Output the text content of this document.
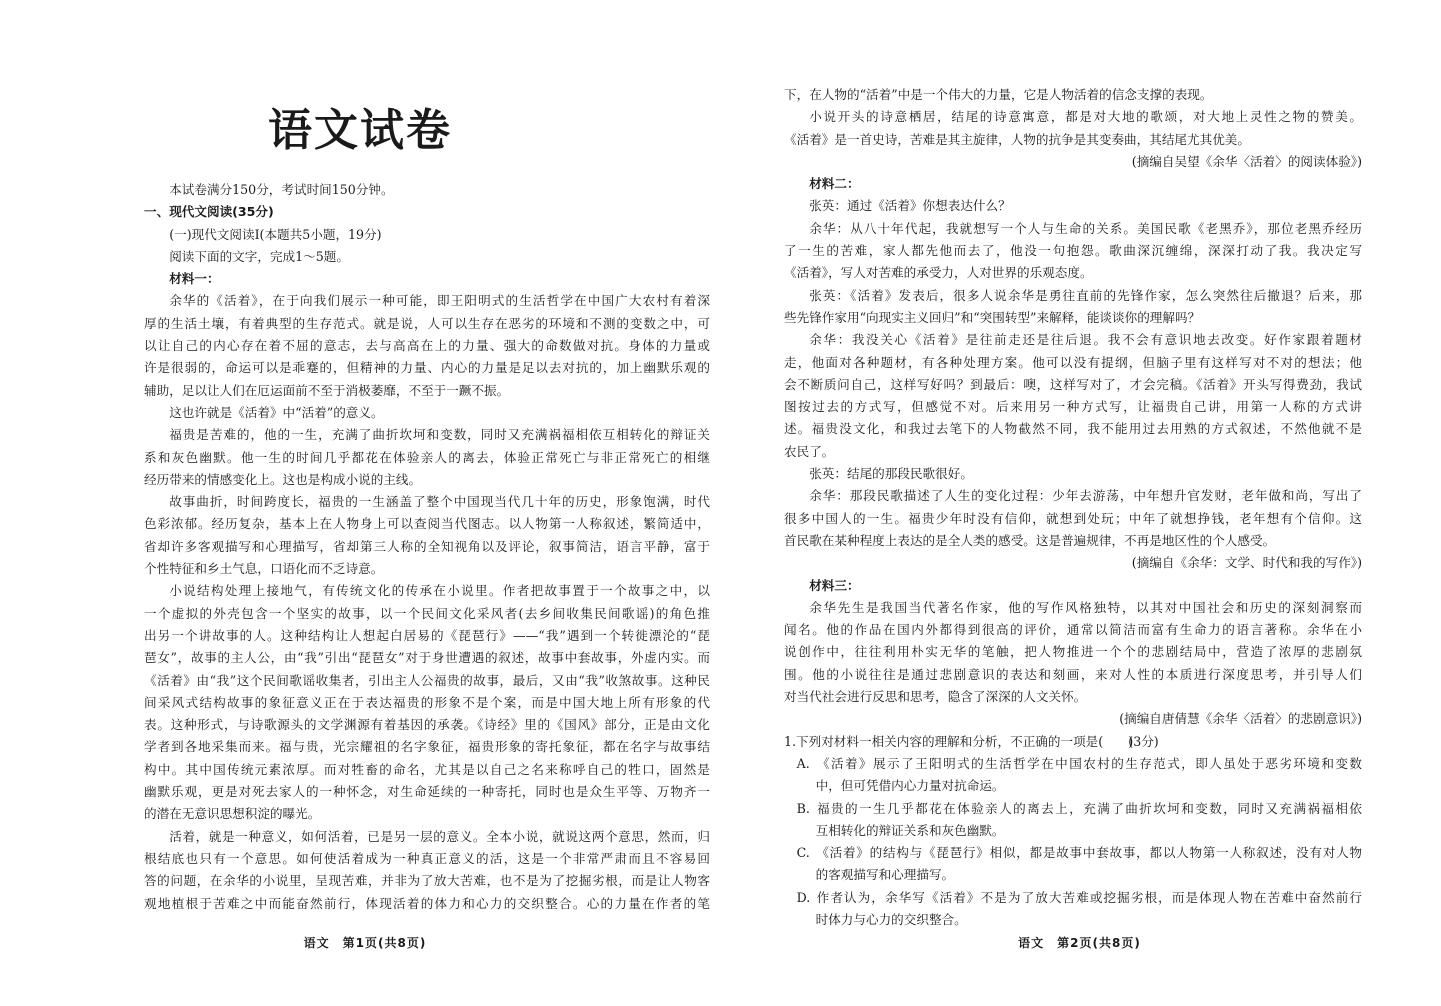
语文试卷
本试卷满分150分，考试时间150分钟。
一、现代文阅读(35分)
(一)现代文阅读Ⅰ(本题共5小题，19分)
阅读下面的文字，完成1～5题。
材料一：
余华的《活着》，在于向我们展示一种可能，即王阳明式的生活哲学在中国广大农村有着深
厚的生活土壤，有着典型的生存范式。就是说，人可以生存在恶劣的环境和不测的变数之中，可
以让自己的内心存在着不屈的意志，去与高高在上的力量、强大的命数做对抗。身体的力量或
许是很弱的，命运可以是乖蹇的，但精神的力量、内心的力量是足以去对抗的，加上幽默乐观的
辅助，足以让人们在厄运面前不至于消极萎靡，不至于一蹶不振。
这也许就是《活着》中“活着”的意义。
福贵是苦难的，他的一生，充满了曲折坎坷和变数，同时又充满祸福相依互相转化的辩证关
系和灰色幽默。他一生的时间几乎都花在体验亲人的离去，体验正常死亡与非正常死亡的相继
经历带来的情感变化上。这也是构成小说的主线。
故事曲折，时间跨度长，福贵的一生涵盖了整个中国现当代几十年的历史，形象饱满，时代
色彩浓郁。经历复杂，基本上在人物身上可以查阅当代图志。以人物第一人称叙述，繁简适中，
省却许多客观描写和心理描写，省却第三人称的全知视角以及评论，叙事简洁，语言平静，富于
个性特征和乡土气息，口语化而不乏诗意。
小说结构处理上接地气，有传统文化的传承在小说里。作者把故事置于一个故事之中，以
一个虚拟的外壳包含一个坚实的故事，以一个民间文化采风者(去乡间收集民间歌谣)的角色推
出另一个讲故事的人。这种结构让人想起白居易的《琵琶行》——“我”遇到一个转徙漂沦的“琵
琶女”，故事的主人公，由“我”引出“琵琶女”对于身世遭遇的叙述，故事中套故事，外虚内实。而
《活着》由“我”这个民间歌谣收集者，引出主人公福贵的故事，最后，又由“我”收煞故事。这种民
间采风式结构故事的象征意义正在于表达福贵的形象不是个案，而是中国大地上所有形象的代
表。这种形式，与诗歌源头的文学渊源有着基因的承袭。《诗经》里的《国风》部分，正是由文化
学者到各地采集而来。福与贵，光宗耀祖的名字象征，福贵形象的寄托象征，都在名字与故事结
构中。其中国传统元素浓厚。而对牲畜的命名，尤其是以自己之名来称呼自己的牲口，固然是
幽默乐观，更是对死去家人的一种怀念，对生命延续的一种寄托，同时也是众生平等、万物齐一
的潜在无意识思想积淀的曝光。
活着，就是一种意义，如何活着，已是另一层的意义。全本小说，就说这两个意思，然而，归
根结底也只有一个意思。如何使活着成为一种真正意义的活，这是一个非常严肃而且不容易回
答的问题，在余华的小说里，呈现苦难，并非为了放大苦难，也不是为了挖掘劣根，而是让人物客
观地植根于苦难之中而能奋然前行，体现活着的体力和心力的交织整合。心的力量在作者的笔
语文　第1页(共8页)
下，在人物的“活着”中是一个伟大的力量，它是人物活着的信念支撑的表现。
小说开头的诗意栖居，结尾的诗意寓意，都是对大地的歌颂，对大地上灵性之物的赞美。
《活着》是一首史诗，苦难是其主旋律，人物的抗争是其变奏曲，其结尾尤其优美。
(摘编自吴望《余华〈活着〉的阅读体验》)
材料二：
张英：通过《活着》你想表达什么？
余华：从八十年代起，我就想写一个人与生命的关系。美国民歌《老黑乔》，那位老黑乔经历
了一生的苦难，家人都先他而去了，他没一句抱怨。歌曲深沉缠绵，深深打动了我。我决定写
《活着》，写人对苦难的承受力，人对世界的乐观态度。
张英：《活着》发表后，很多人说余华是勇往直前的先锋作家，怎么突然往后撤退？后来，那
些先锋作家用“向现实主义回归”和“突围转型”来解释，能谈谈你的理解吗？
余华：我没关心《活着》是往前走还是往后退。我不会有意识地去改变。好作家跟着题材
走，他面对各种题材，有各种处理方案。他可以没有提纲，但脑子里有这样写对不对的想法；他
会不断质问自己，这样写好吗？到最后：噢，这样写对了，才会完稿。《活着》开头写得费劲，我试
图按过去的方式写，但感觉不对。后来用另一种方式写，让福贵自己讲，用第一人称的方式讲
述。福贵没文化，和我过去笔下的人物截然不同，我不能用过去用熟的方式叙述，不然他就不是
农民了。
张英：结尾的那段民歌很好。
余华：那段民歌描述了人生的变化过程：少年去游荡，中年想升官发财，老年做和尚，写出了
很多中国人的一生。福贵少年时没有信仰，就想到处玩；中年了就想挣钱，老年想有个信仰。这
首民歌在某种程度上表达的是全人类的感受。这是普遍规律，不再是地区性的个人感受。
(摘编自《余华：文学、时代和我的写作》)
材料三：
余华先生是我国当代著名作家，他的写作风格独特，以其对中国社会和历史的深刻洞察而
闻名。他的作品在国内外都得到很高的评价，通常以简洁而富有生命力的语言著称。余华在小
说创作中，往往利用朴实无华的笔触，把人物推进一个个的悲剧结局中，营造了浓厚的悲剧氛
围。他的小说往往是通过悲剧意识的表达和刻画，来对人性的本质进行深度思考，并引导人们
对当代社会进行反思和思考，隐含了深深的人文关怀。
(摘编自唐倩慧《余华〈活着〉的悲剧意识》)
1.下列对材料一相关内容的理解和分析，不正确的一项是(　　)(3分)
A. 《活着》展示了王阳明式的生活哲学在中国农村的生存范式，即人虽处于恶劣环境和变数
中，但可凭借内心力量对抗命运。
B. 福贵的一生几乎都花在体验亲人的离去上，充满了曲折坎坷和变数，同时又充满祸福相依
互相转化的辩证关系和灰色幽默。
C. 《活着》的结构与《琵琶行》相似，都是故事中套故事，都以人物第一人称叙述，没有对人物
的客观描写和心理描写。
D. 作者认为，余华写《活着》不是为了放大苦难或挖掘劣根，而是体现人物在苦难中奋然前行
时体力与心力的交织整合。
语文　第2页(共8页)
